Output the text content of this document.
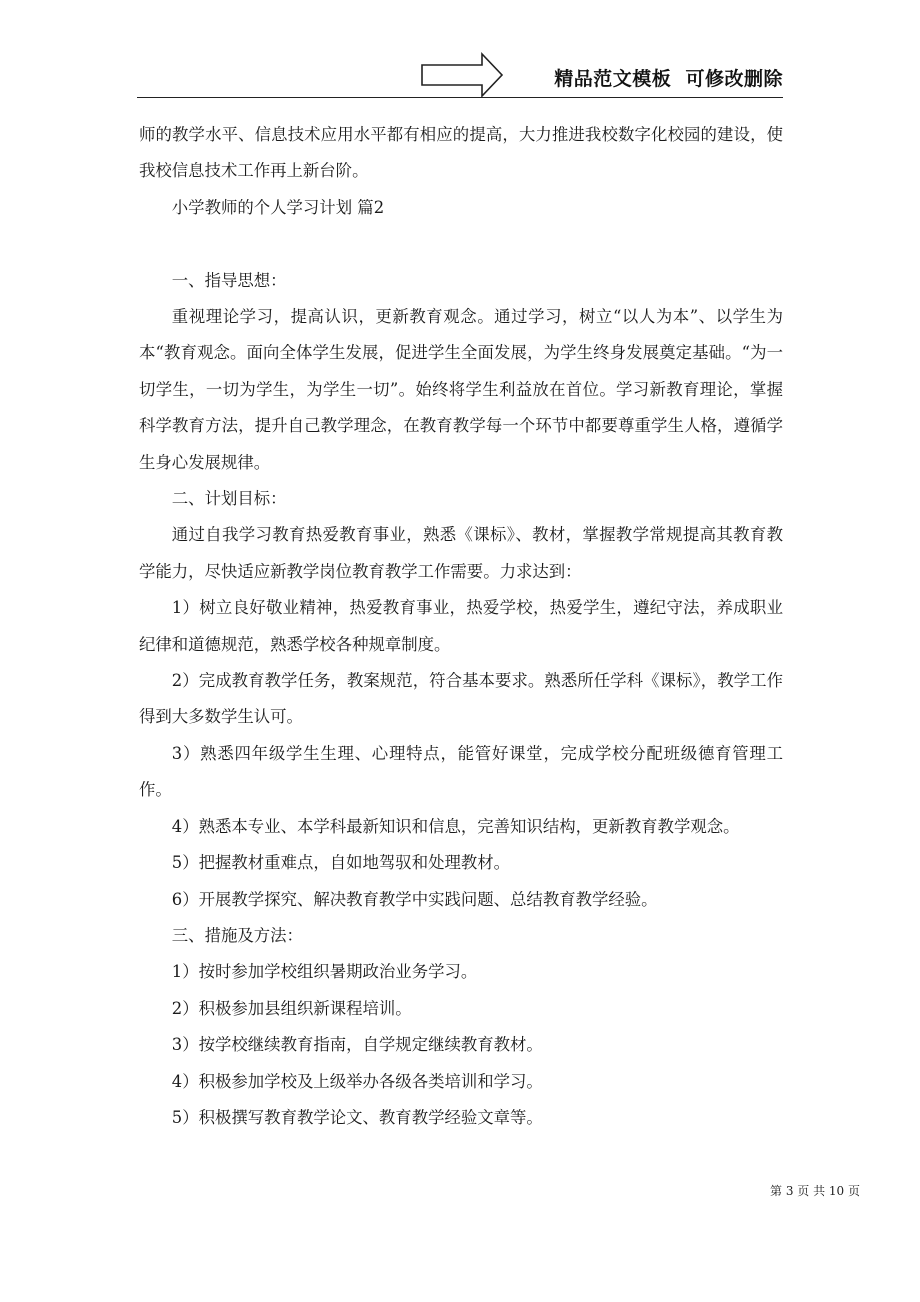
精品范文模板  可修改删除

师的教学水平、信息技术应用水平都有相应的提高，大力推进我校数字化校园的建设，使我校信息技术工作再上新台阶。

小学教师的个人学习计划 篇2

一、指导思想：

重视理论学习，提高认识，更新教育观念。通过学习，树立“以人为本”、以学生为本“教育观念。面向全体学生发展，促进学生全面发展，为学生终身发展奠定基础。“为一切学生，一切为学生，为学生一切”。始终将学生利益放在首位。学习新教育理论，掌握科学教育方法，提升自己教学理念，在教育教学每一个环节中都要尊重学生人格，遵循学生身心发展规律。

二、计划目标：

通过自我学习教育热爱教育事业，熟悉《课标》、教材，掌握教学常规提高其教育教学能力，尽快适应新教学岗位教育教学工作需要。力求达到：

1）树立良好敬业精神，热爱教育事业，热爱学校，热爱学生，遵纪守法，养成职业纪律和道德规范，熟悉学校各种规章制度。

2）完成教育教学任务，教案规范，符合基本要求。熟悉所任学科《课标》，教学工作得到大多数学生认可。

3）熟悉四年级学生生理、心理特点，能管好课堂，完成学校分配班级德育管理工作。

4）熟悉本专业、本学科最新知识和信息，完善知识结构，更新教育教学观念。

5）把握教材重难点，自如地驾驭和处理教材。

6）开展教学探究、解决教育教学中实践问题、总结教育教学经验。

三、措施及方法：

1）按时参加学校组织暑期政治业务学习。

2）积极参加县组织新课程培训。

3）按学校继续教育指南，自学规定继续教育教材。

4）积极参加学校及上级举办各级各类培训和学习。

5）积极撰写教育教学论文、教育教学经验文章等。

第 3 页 共 10 页
